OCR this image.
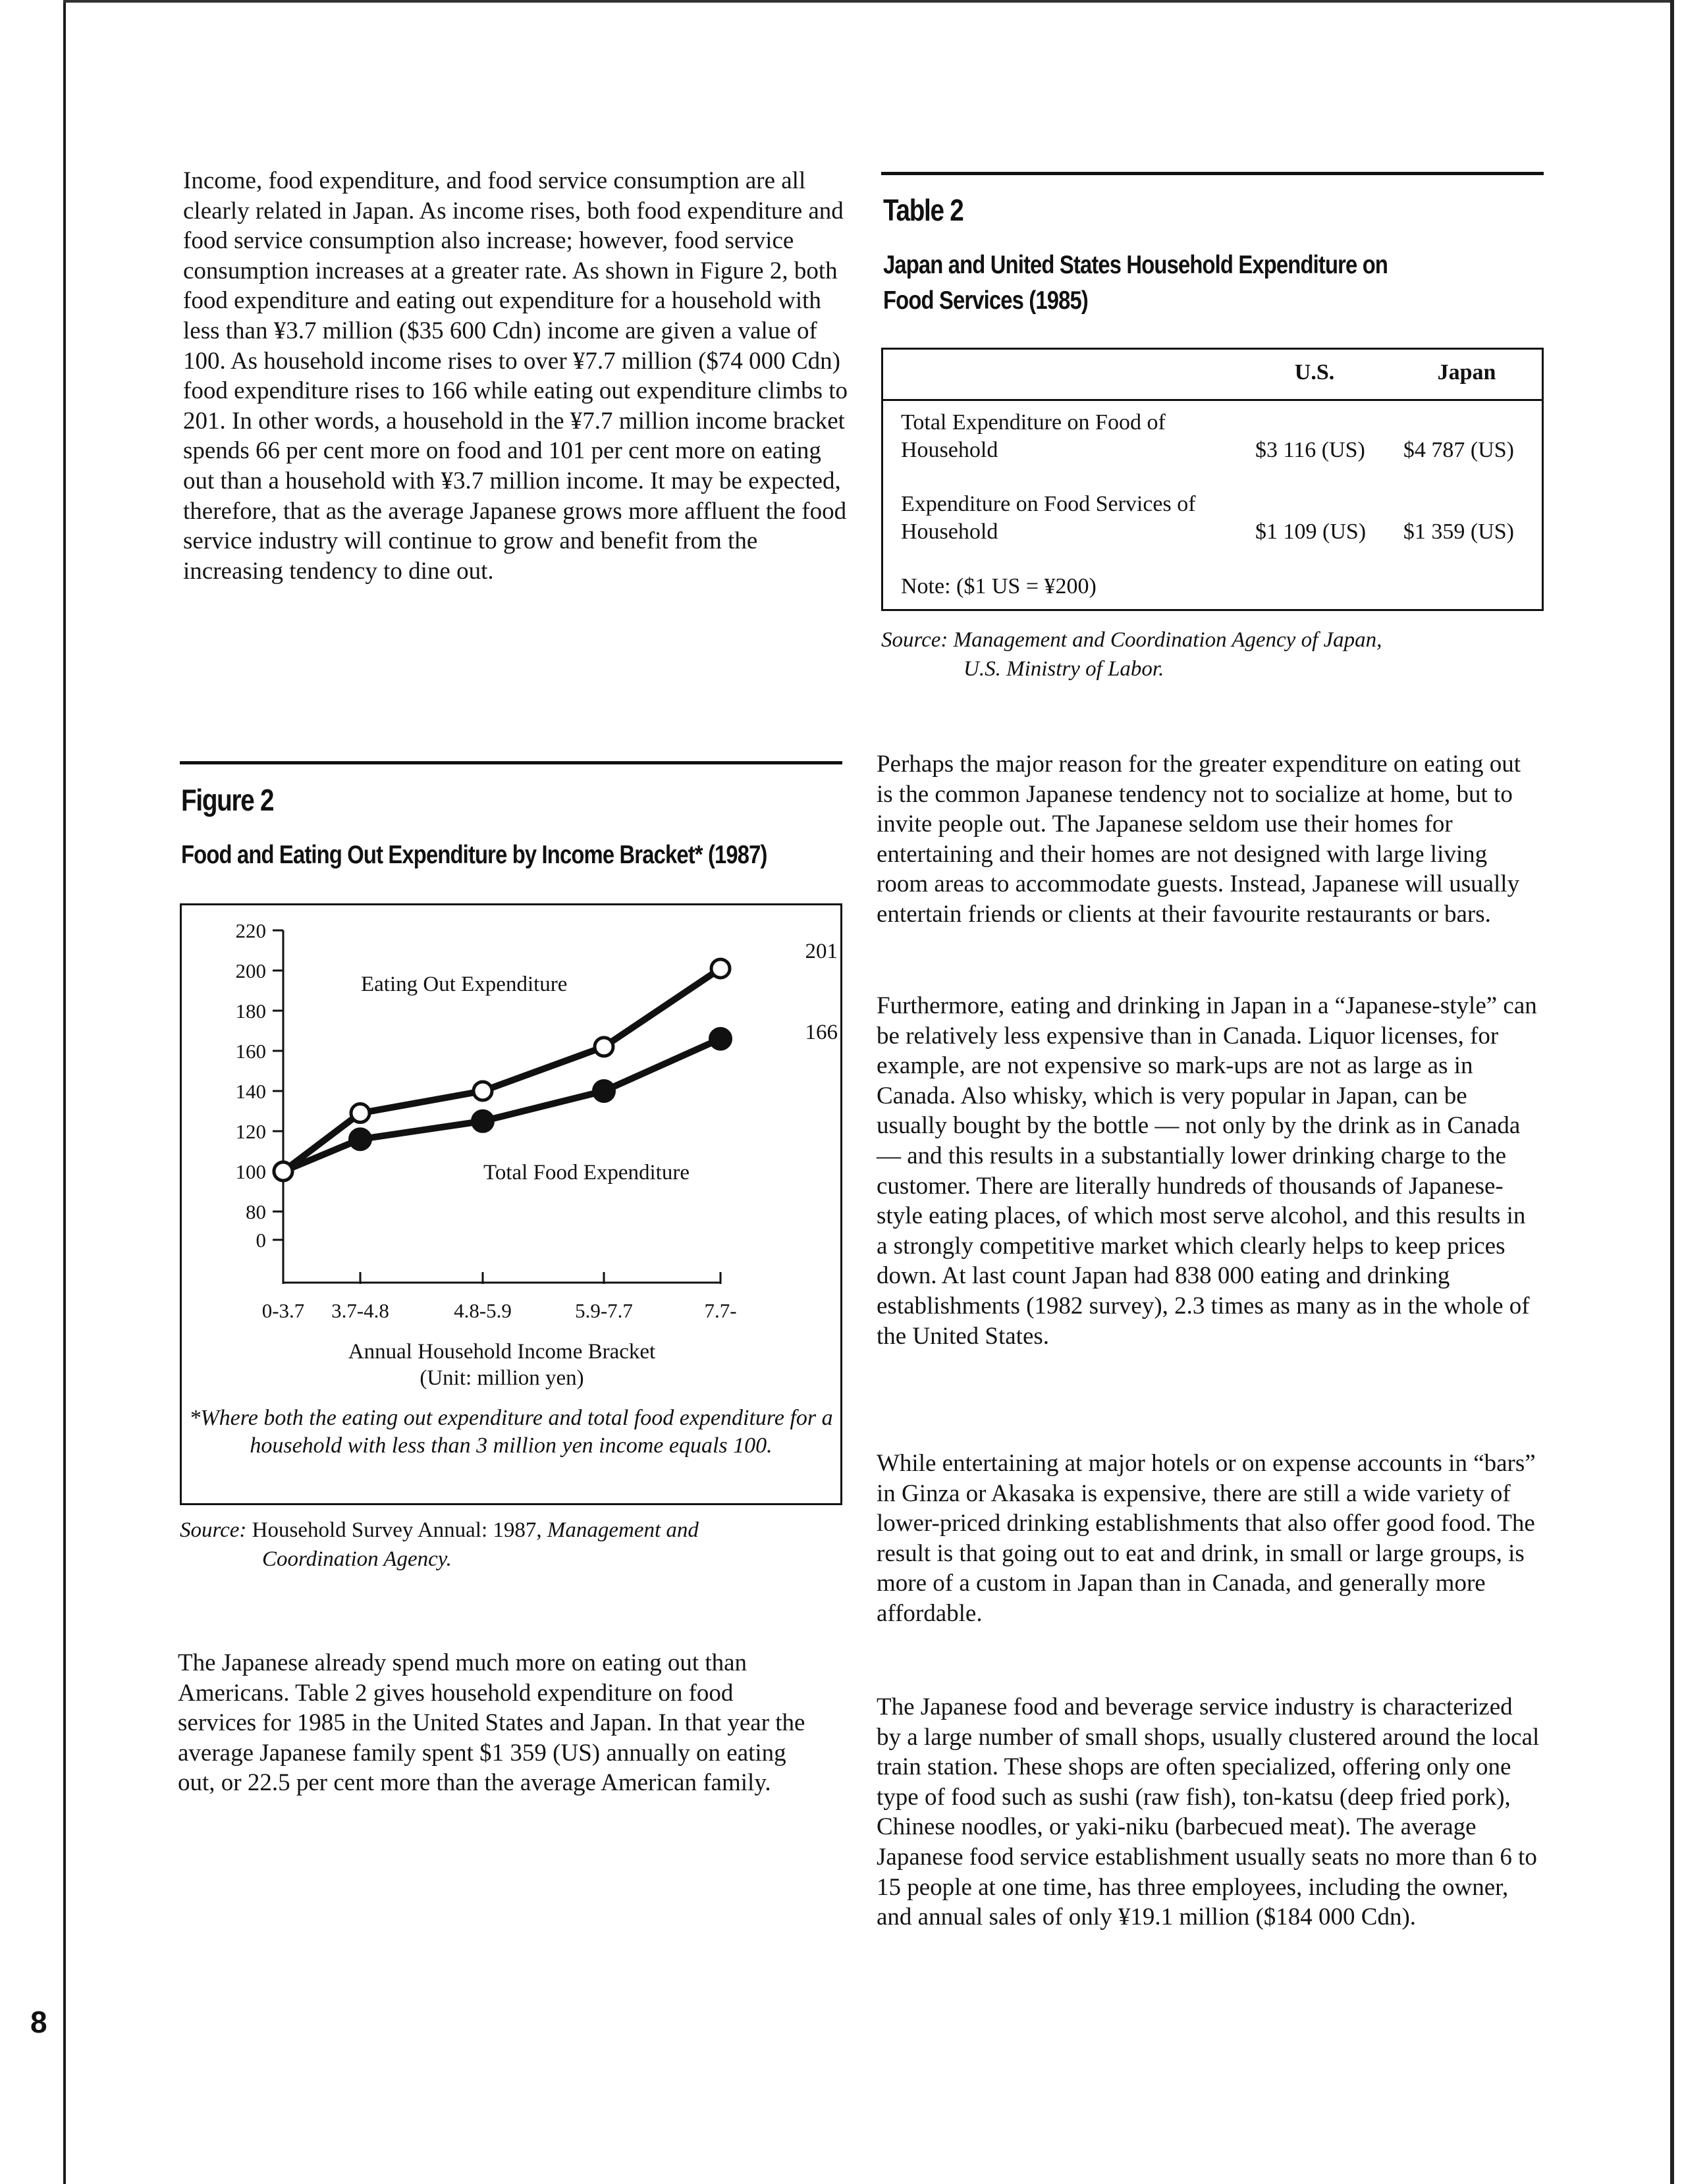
Income, food expenditure, and food service consumption are all clearly related in Japan. As income rises, both food expenditure and food service consumption also increase; however, food service consumption increases at a greater rate. As shown in Figure 2, both food expenditure and eating out expenditure for a household with less than ¥3.7 million ($35 600 Cdn) income are given a value of 100. As household income rises to over ¥7.7 million ($74 000 Cdn) food expenditure rises to 166 while eating out expenditure climbs to 201. In other words, a household in the ¥7.7 million income bracket spends 66 per cent more on food and 101 per cent more on eating out than a household with ¥3.7 million income. It may be expected, therefore, that as the average Japanese grows more affluent the food service industry will continue to grow and benefit from the increasing tendency to dine out.

Table 2
Japan and United States Household Expenditure on Food Services (1985)
U.S.	Japan
Total Expenditure on Food of Household	$3 116 (US)	$4 787 (US)
Expenditure on Food Services of Household	$1 109 (US)	$1 359 (US)
Note: ($1 US = ¥200)

Source: Management and Coordination Agency of Japan,
U.S. Ministry of Labor.

Figure 2
Food and Eating Out Expenditure by Income Bracket* (1987)
220
200
180
160
140
120
100
80
0
0-3.7 3.7-4.8	4.8-5.9	5.9-7.7	7.7-
Annual Household Income Bracket
(Unit: million yen)
Eating Out Expenditure
Total Food Expenditure
201
166

*Where both the eating out expenditure and total food expenditure for a household with less than 3 million yen income equals 100.

Source: Household Survey Annual: 1987, Management and
Coordination Agency.

The Japanese already spend much more on eating out than Americans. Table 2 gives household expenditure on food services for 1985 in the United States and Japan. In that year the average Japanese family spent $1 359 (US) annually on eating out, or 22.5 per cent more than the average American family.

Perhaps the major reason for the greater expenditure on eating out is the common Japanese tendency not to socialize at home, but to invite people out. The Japanese seldom use their homes for entertaining and their homes are not designed with large living room areas to accommodate guests. Instead, Japanese will usually entertain friends or clients at their favourite restaurants or bars.

Furthermore, eating and drinking in Japan in a “Japanese-style” can be relatively less expensive than in Canada. Liquor licenses, for example, are not expensive so mark-ups are not as large as in Canada. Also whisky, which is very popular in Japan, can be usually bought by the bottle — not only by the drink as in Canada — and this results in a substantially lower drinking charge to the customer. There are literally hundreds of thousands of Japanese-style eating places, of which most serve alcohol, and this results in a strongly competitive market which clearly helps to keep prices down. At last count Japan had 838 000 eating and drinking establishments (1982 survey), 2.3 times as many as in the whole of the United States.

While entertaining at major hotels or on expense accounts in “bars” in Ginza or Akasaka is expensive, there are still a wide variety of lower-priced drinking establishments that also offer good food. The result is that going out to eat and drink, in small or large groups, is more of a custom in Japan than in Canada, and generally more affordable.

The Japanese food and beverage service industry is characterized by a large number of small shops, usually clustered around the local train station. These shops are often specialized, offering only one type of food such as sushi (raw fish), ton-katsu (deep fried pork), Chinese noodles, or yaki-niku (barbecued meat). The average Japanese food service establishment usually seats no more than 6 to 15 people at one time, has three employees, including the owner, and annual sales of only ¥19.1 million ($184 000 Cdn).

8
